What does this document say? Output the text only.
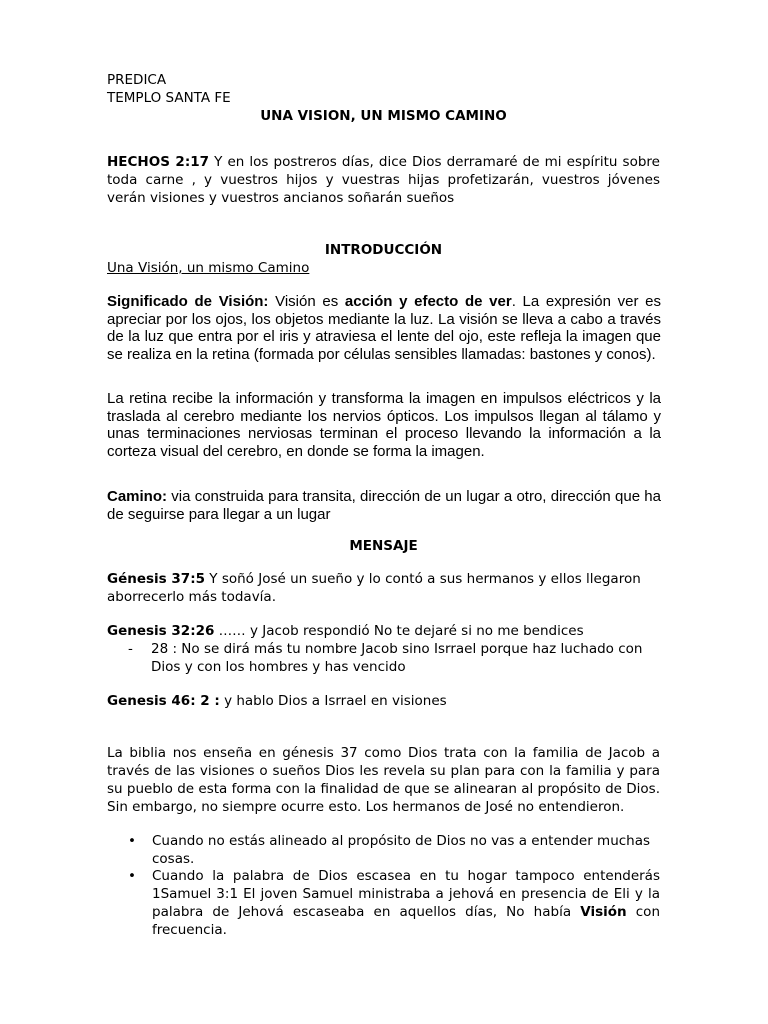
PREDICA
TEMPLO SANTA FE
UNA VISION, UN MISMO CAMINO
HECHOS 2:17 Y en los postreros días, dice Dios derramaré de mi espíritu sobre toda carne , y vuestros hijos y vuestras hijas profetizarán, vuestros jóvenes verán visiones y vuestros ancianos soñarán sueños
INTRODUCCIÓN
Una Visión, un mismo Camino
Significado de Visión: Visión es acción y efecto de ver. La expresión ver es apreciar por los ojos, los objetos mediante la luz. La visión se lleva a cabo a través de la luz que entra por el iris y atraviesa el lente del ojo, este refleja la imagen que se realiza en la retina (formada por células sensibles llamadas: bastones y conos).
La retina recibe la información y transforma la imagen en impulsos eléctricos y la traslada al cerebro mediante los nervios ópticos. Los impulsos llegan al tálamo y unas terminaciones nerviosas terminan el proceso llevando la información a la corteza visual del cerebro, en donde se forma la imagen.
Camino: via construida para transita, dirección de un lugar a otro, dirección que ha de seguirse para llegar a un lugar
MENSAJE
Génesis 37:5 Y soñó José un sueño y lo contó a sus hermanos y ellos llegaron aborrecerlo más todavía.
Genesis 32:26 …… y Jacob respondió No te dejaré si no me bendices
-	28 : No se dirá más tu nombre Jacob sino Isrrael porque haz luchado con Dios y con los hombres y has vencido
Genesis 46: 2 : y hablo Dios a Isrrael en visiones
La biblia nos enseña en génesis 37 como Dios trata con la familia de Jacob a través de las visiones o sueños Dios les revela su plan para con la familia y para su pueblo de esta forma con la finalidad de que se alinearan al propósito de Dios. Sin embargo, no siempre ocurre esto. Los hermanos de José no entendieron.
•	Cuando no estás alineado al propósito de Dios no vas a entender muchas cosas.
•	Cuando la palabra de Dios escasea en tu hogar tampoco entenderás 1Samuel 3:1 El joven Samuel ministraba a jehová en presencia de Eli y la palabra de Jehová escaseaba en aquellos días, No había Visión con frecuencia.
